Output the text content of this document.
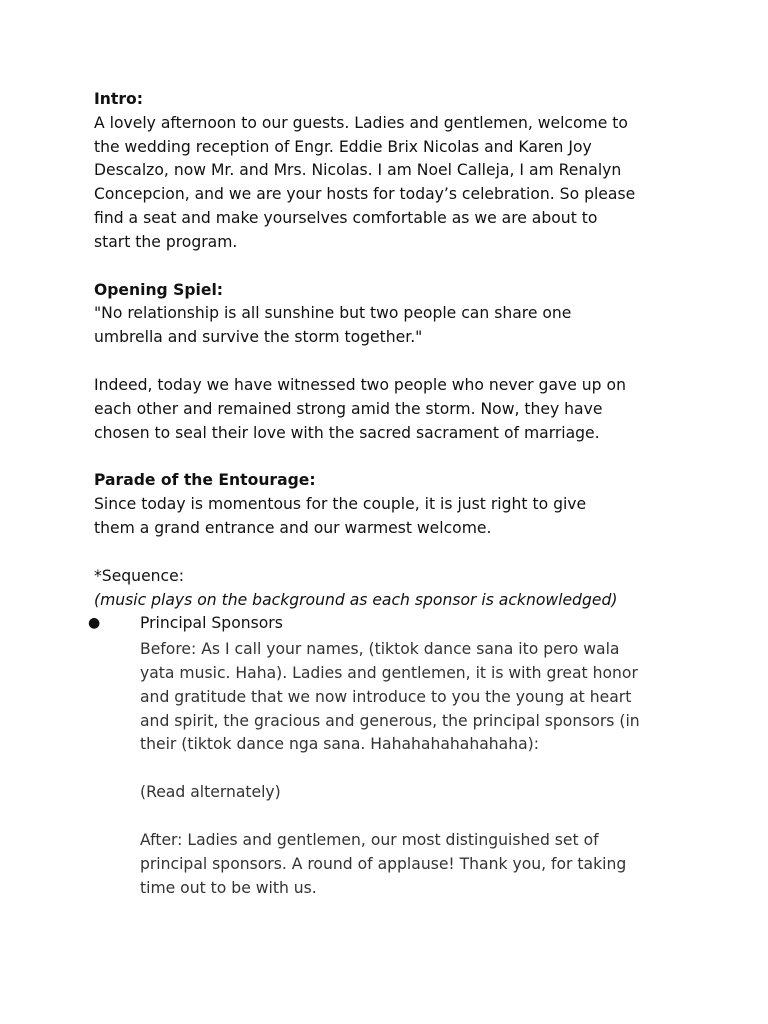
Intro:

A lovely afternoon to our guests. Ladies and gentlemen, welcome to

the wedding reception of Engr. Eddie Brix Nicolas and Karen Joy

Descalzo, now Mr. and Mrs. Nicolas. I am Noel Calleja, I am Renalyn

Concepcion, and we are your hosts for today’s celebration. So please

find a seat and make yourselves comfortable as we are about to

start the program.

Opening Spiel:

"No relationship is all sunshine but two people can share one

umbrella and survive the storm together."

Indeed, today we have witnessed two people who never gave up on

each other and remained strong amid the storm. Now, they have

chosen to seal their love with the sacred sacrament of marriage.

Parade of the Entourage:

Since today is momentous for the couple, it is just right to give

them a grand entrance and our warmest welcome.

*Sequence:

(music plays on the background as each sponsor is acknowledged)

●	Principal Sponsors

Before: As I call your names, (tiktok dance sana ito pero wala

yata music. Haha). Ladies and gentlemen, it is with great honor

and gratitude that we now introduce to you the young at heart

and spirit, the gracious and generous, the principal sponsors (in

their (tiktok dance nga sana. Hahahahahahahaha):

(Read alternately)

After: Ladies and gentlemen, our most distinguished set of

principal sponsors. A round of applause! Thank you, for taking

time out to be with us.
